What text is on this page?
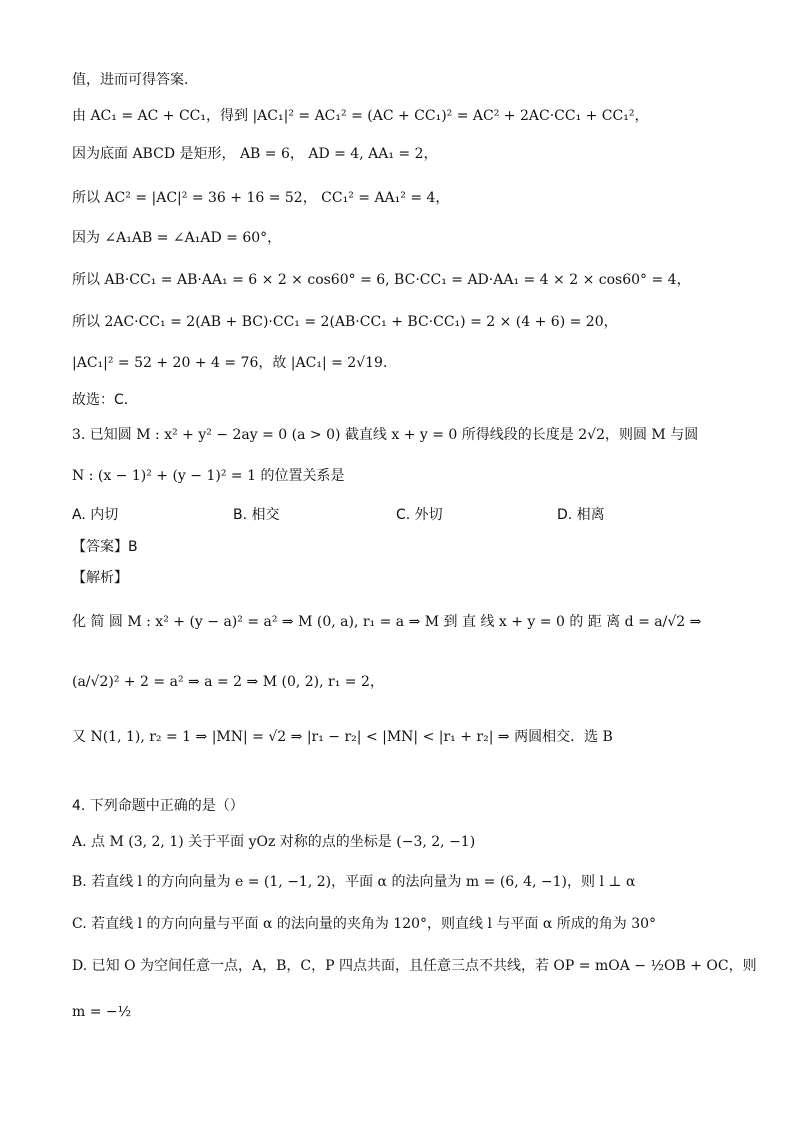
值，进而可得答案．
由 AC₁ = AC + CC₁，得到 |AC₁|² = AC₁² = (AC + CC₁)² = AC² + 2AC·CC₁ + CC₁²，
因为底面 ABCD 是矩形， AB = 6， AD = 4, AA₁ = 2，
所以 AC² = |AC|² = 36 + 16 = 52， CC₁² = AA₁² = 4，
因为 ∠A₁AB = ∠A₁AD = 60°，
所以 AB·CC₁ = AB·AA₁ = 6 × 2 × cos60° = 6, BC·CC₁ = AD·AA₁ = 4 × 2 × cos60° = 4，
所以 2AC·CC₁ = 2(AB + BC)·CC₁ = 2(AB·CC₁ + BC·CC₁) = 2 × (4 + 6) = 20，
|AC₁|² = 52 + 20 + 4 = 76，故 |AC₁| = 2√19．
故选：C．
3. 已知圆 M : x² + y² − 2ay = 0 (a > 0) 截直线 x + y = 0 所得线段的长度是 2√2，则圆 M 与圆
N : (x − 1)² + (y − 1)² = 1 的位置关系是
A. 内切	B. 相交	C. 外切	D. 相离
【答案】B
【解析】
化 简 圆 M : x² + (y − a)² = a² ⇒ M (0, a), r₁ = a ⇒ M 到 直 线 x + y = 0 的 距 离 d = a/√2 ⇒
(a/√2)² + 2 = a² ⇒ a = 2 ⇒ M (0, 2), r₁ = 2，
又 N(1, 1), r₂ = 1 ⇒ |MN| = √2 ⇒ |r₁ − r₂| < |MN| < |r₁ + r₂| ⇒ 两圆相交．选 B
4. 下列命题中正确的是（）
A. 点 M (3, 2, 1) 关于平面 yOz 对称的点的坐标是 (−3, 2, −1)
B. 若直线 l 的方向向量为 e = (1, −1, 2)，平面 α 的法向量为 m = (6, 4, −1)，则 l ⊥ α
C. 若直线 l 的方向向量与平面 α 的法向量的夹角为 120°，则直线 l 与平面 α 所成的角为 30°
D. 已知 O 为空间任意一点，A，B，C，P 四点共面，且任意三点不共线，若 OP = mOA − ½OB + OC，则
m = −½
